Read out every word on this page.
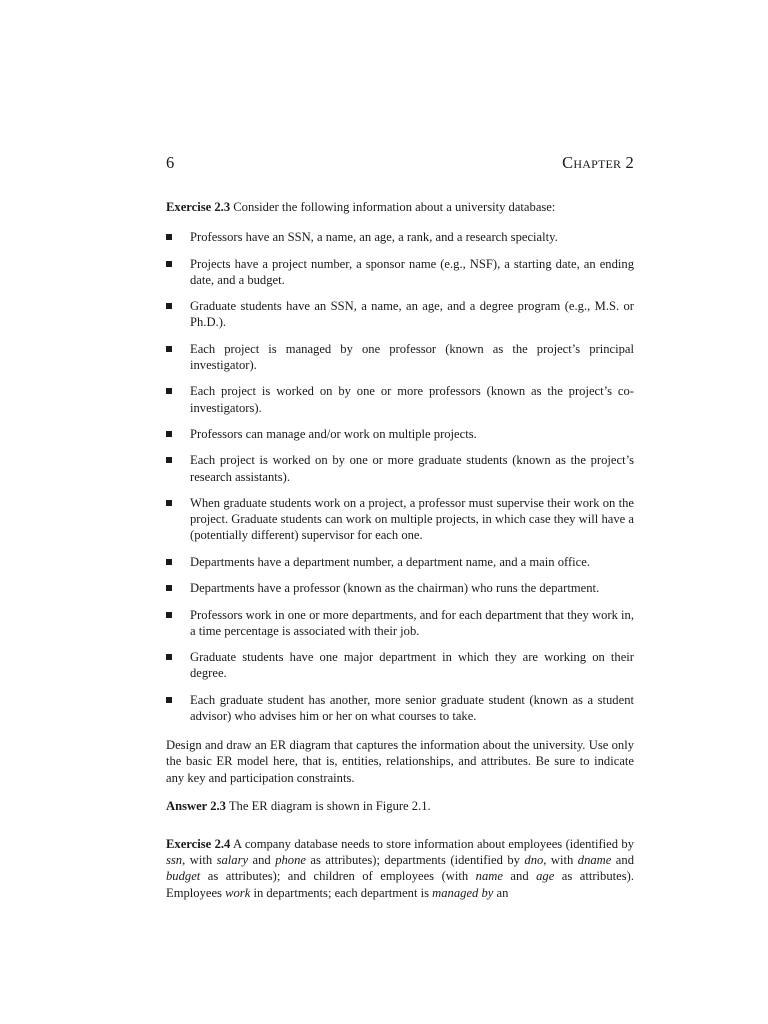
6	Chapter 2

Exercise 2.3 Consider the following information about a university database:

Professors have an SSN, a name, an age, a rank, and a research specialty.
Projects have a project number, a sponsor name (e.g., NSF), a starting date, an ending date, and a budget.
Graduate students have an SSN, a name, an age, and a degree program (e.g., M.S. or Ph.D.).
Each project is managed by one professor (known as the project’s principal investigator).
Each project is worked on by one or more professors (known as the project’s co-investigators).
Professors can manage and/or work on multiple projects.
Each project is worked on by one or more graduate students (known as the project’s research assistants).
When graduate students work on a project, a professor must supervise their work on the project. Graduate students can work on multiple projects, in which case they will have a (potentially different) supervisor for each one.
Departments have a department number, a department name, and a main office.
Departments have a professor (known as the chairman) who runs the department.
Professors work in one or more departments, and for each department that they work in, a time percentage is associated with their job.
Graduate students have one major department in which they are working on their degree.
Each graduate student has another, more senior graduate student (known as a student advisor) who advises him or her on what courses to take.

Design and draw an ER diagram that captures the information about the university. Use only the basic ER model here, that is, entities, relationships, and attributes. Be sure to indicate any key and participation constraints.

Answer 2.3 The ER diagram is shown in Figure 2.1.

Exercise 2.4 A company database needs to store information about employees (identified by ssn, with salary and phone as attributes); departments (identified by dno, with dname and budget as attributes); and children of employees (with name and age as attributes). Employees work in departments; each department is managed by an
